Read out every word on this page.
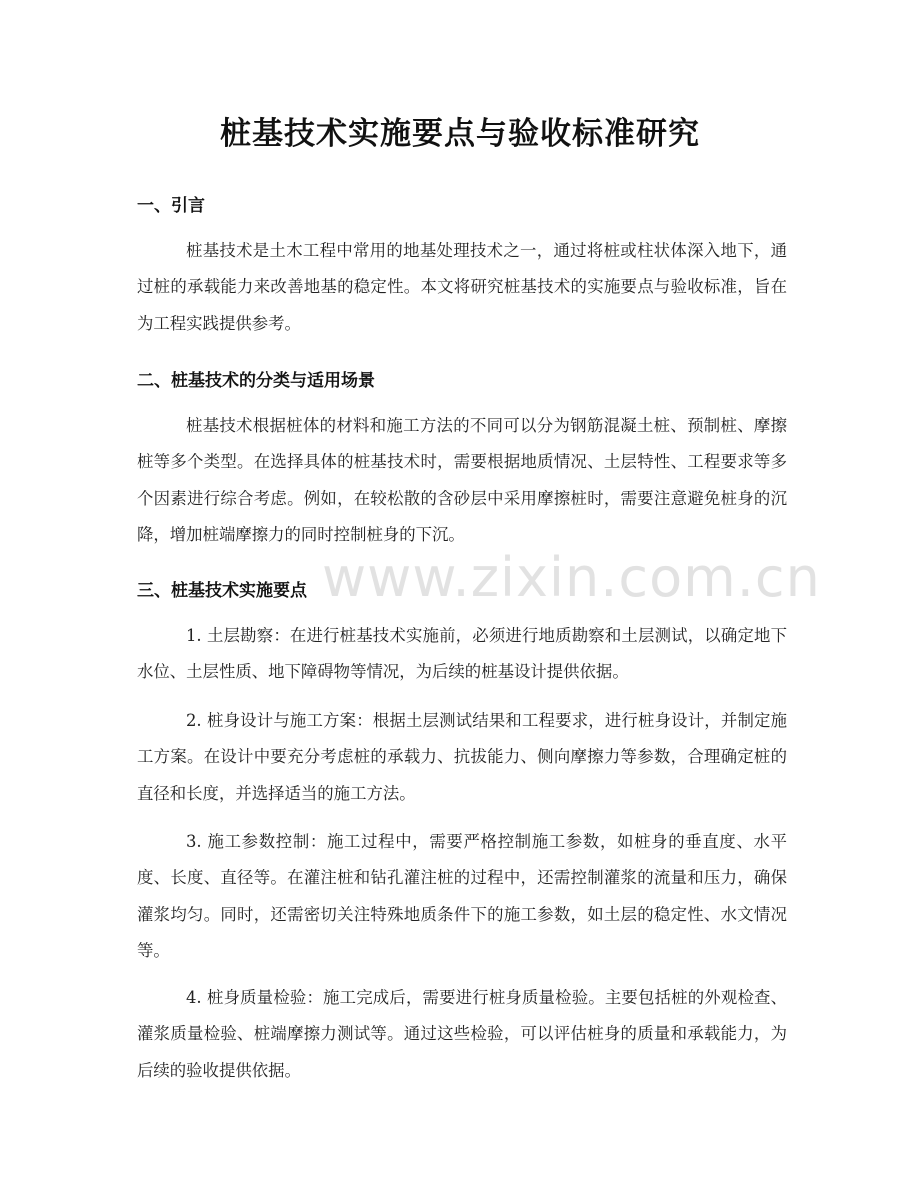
桩基技术实施要点与验收标准研究
一、引言

桩基技术是土木工程中常用的地基处理技术之一，通过将桩或柱状体深入地下，通过桩的承载能力来改善地基的稳定性。本文将研究桩基技术的实施要点与验收标准，旨在为工程实践提供参考。

二、桩基技术的分类与适用场景

桩基技术根据桩体的材料和施工方法的不同可以分为钢筋混凝土桩、预制桩、摩擦桩等多个类型。在选择具体的桩基技术时，需要根据地质情况、土层特性、工程要求等多个因素进行综合考虑。例如，在较松散的含砂层中采用摩擦桩时，需要注意避免桩身的沉降，增加桩端摩擦力的同时控制桩身的下沉。

三、桩基技术实施要点

1. 土层勘察：在进行桩基技术实施前，必须进行地质勘察和土层测试，以确定地下水位、土层性质、地下障碍物等情况，为后续的桩基设计提供依据。

2. 桩身设计与施工方案：根据土层测试结果和工程要求，进行桩身设计，并制定施工方案。在设计中要充分考虑桩的承载力、抗拔能力、侧向摩擦力等参数，合理确定桩的直径和长度，并选择适当的施工方法。

3. 施工参数控制：施工过程中，需要严格控制施工参数，如桩身的垂直度、水平度、长度、直径等。在灌注桩和钻孔灌注桩的过程中，还需控制灌浆的流量和压力，确保灌浆均匀。同时，还需密切关注特殊地质条件下的施工参数，如土层的稳定性、水文情况等。

4. 桩身质量检验：施工完成后，需要进行桩身质量检验。主要包括桩的外观检查、灌浆质量检验、桩端摩擦力测试等。通过这些检验，可以评估桩身的质量和承载能力，为后续的验收提供依据。

www.zixin.com.cn
